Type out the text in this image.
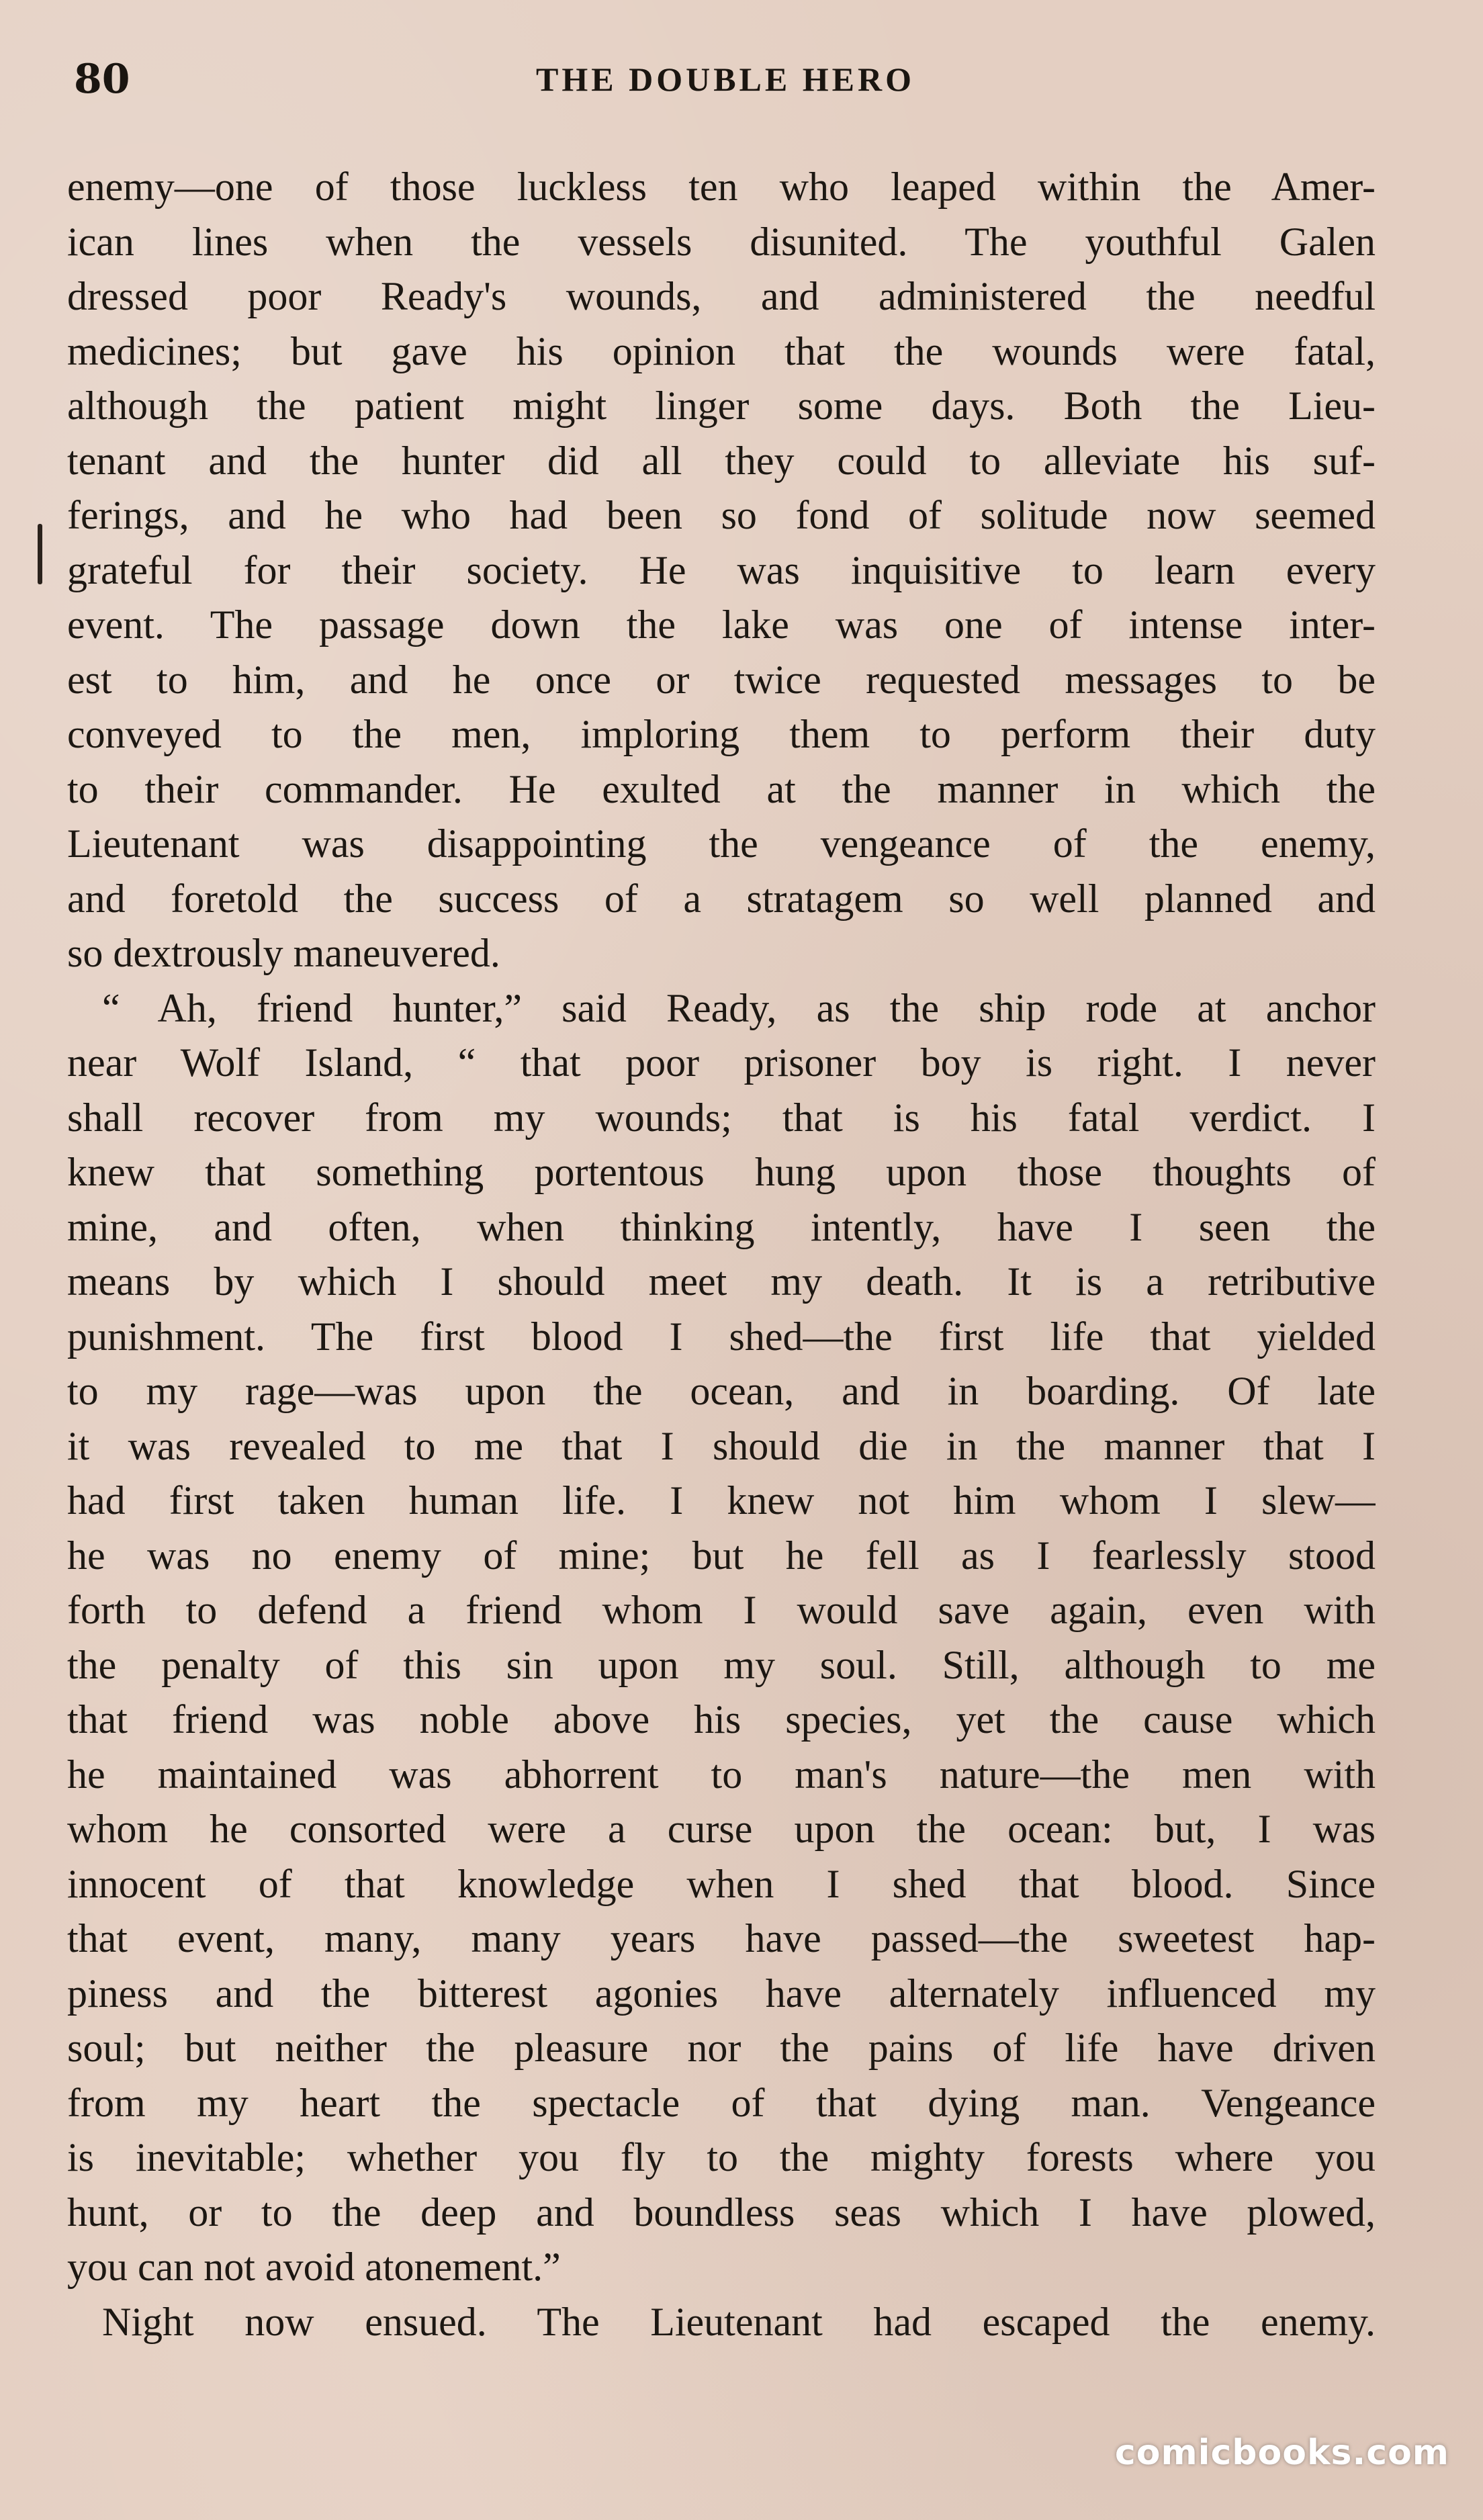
80	THE DOUBLE HERO
enemy—one of those luckless ten who leaped within the Amer-
ican lines when the vessels disunited. The youthful Galen
dressed poor Ready's wounds, and administered the needful
medicines; but gave his opinion that the wounds were fatal,
although the patient might linger some days. Both the Lieu-
tenant and the hunter did all they could to alleviate his suf-
ferings, and he who had been so fond of solitude now seemed
grateful for their society. He was inquisitive to learn every
event. The passage down the lake was one of intense inter-
est to him, and he once or twice requested messages to be
conveyed to the men, imploring them to perform their duty
to their commander. He exulted at the manner in which the
Lieutenant was disappointing the vengeance of the enemy,
and foretold the success of a stratagem so well planned and
so dextrously maneuvered.
“ Ah, friend hunter,” said Ready, as the ship rode at anchor
near Wolf Island, “ that poor prisoner boy is right. I never
shall recover from my wounds; that is his fatal verdict. I
knew that something portentous hung upon those thoughts of
mine, and often, when thinking intently, have I seen the
means by which I should meet my death. It is a retributive
punishment. The first blood I shed—the first life that yielded
to my rage—was upon the ocean, and in boarding. Of late
it was revealed to me that I should die in the manner that I
had first taken human life. I knew not him whom I slew—
he was no enemy of mine; but he fell as I fearlessly stood
forth to defend a friend whom I would save again, even with
the penalty of this sin upon my soul. Still, although to me
that friend was noble above his species, yet the cause which
he maintained was abhorrent to man's nature—the men with
whom he consorted were a curse upon the ocean: but, I was
innocent of that knowledge when I shed that blood. Since
that event, many, many years have passed—the sweetest hap-
piness and the bitterest agonies have alternately influenced my
soul; but neither the pleasure nor the pains of life have driven
from my heart the spectacle of that dying man. Vengeance
is inevitable; whether you fly to the mighty forests where you
hunt, or to the deep and boundless seas which I have plowed,
you can not avoid atonement.”
Night now ensued. The Lieutenant had escaped the enemy.
comicbooks.com
